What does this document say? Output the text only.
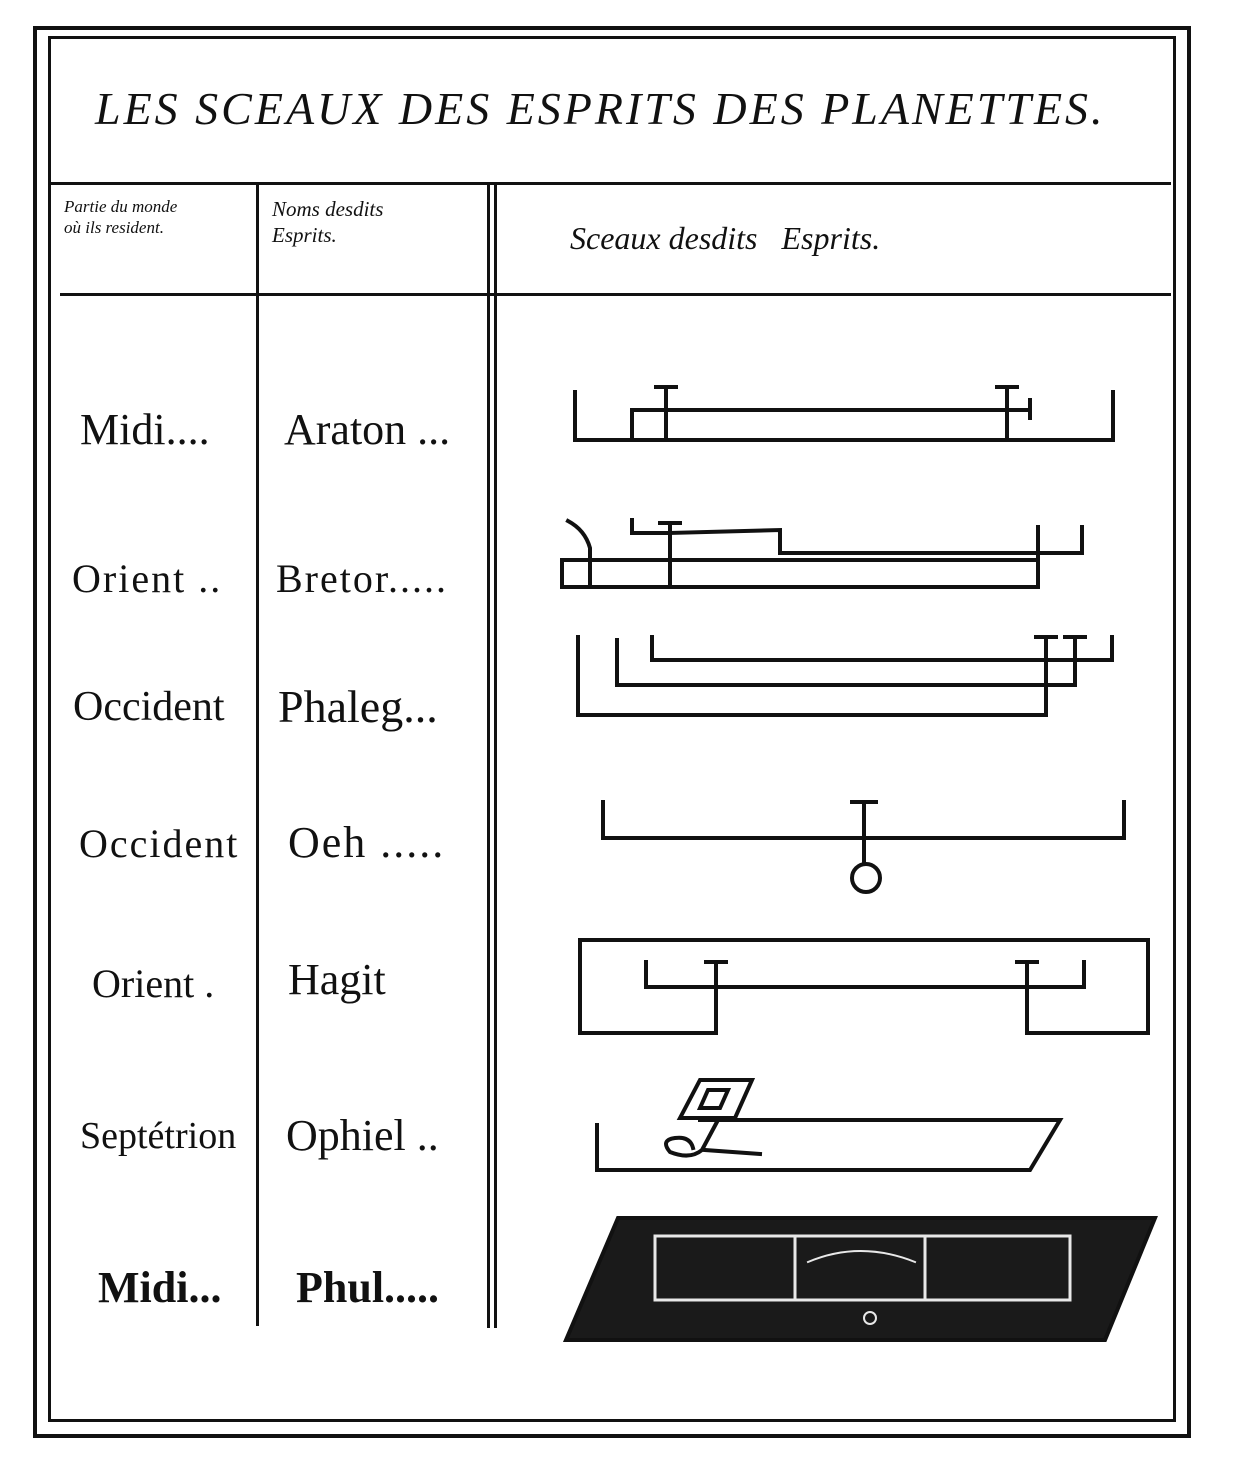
LES SCEAUX DES ESPRITS DES PLANETTES.
Partie du monde
où ils resident.
Noms desdits
Esprits.	Sceaux desdits   Esprits.
Midi.... Araton ...
Orient .. Bretor.....
Occident Phaleg...
Occident Oeh .....
Orient . Hagit
Septétrion Ophiel ..
Midi... Phul.....
